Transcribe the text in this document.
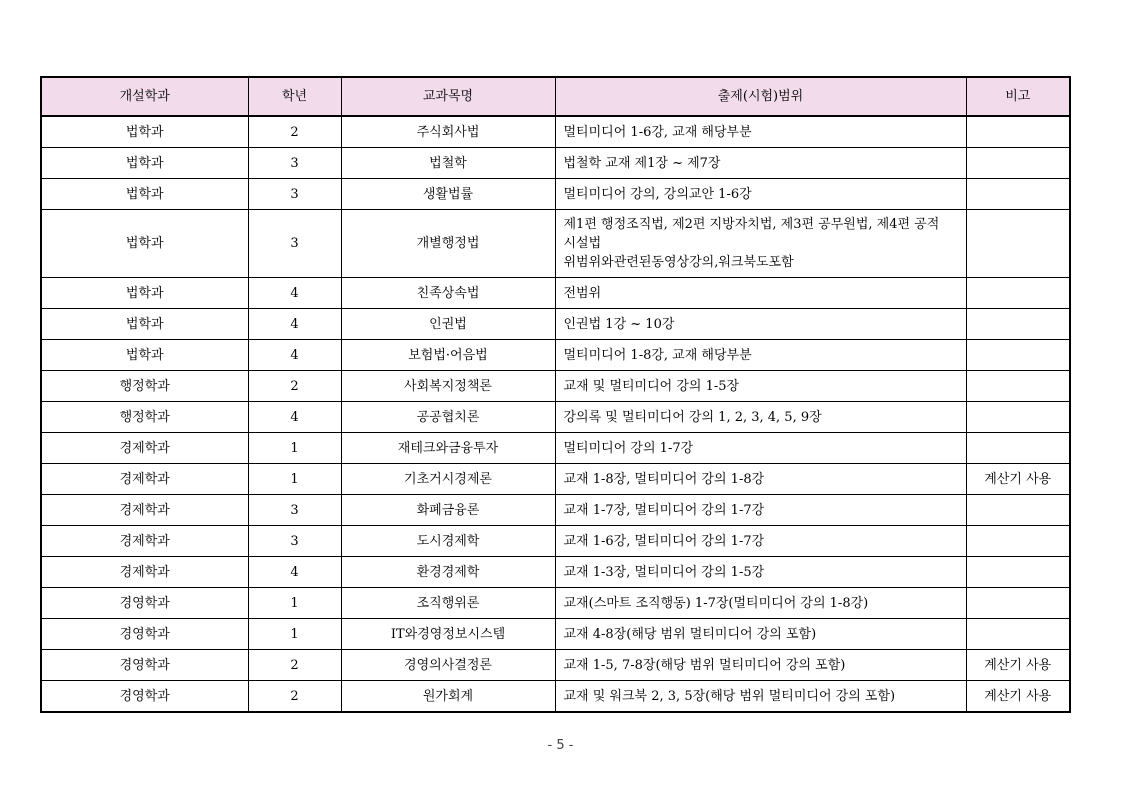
개설학과	학년	교과목명	출제(시험)범위	비고
법학과	2	주식회사법	멀티미디어 1-6강, 교재 해당부분	

법학과	3	법철학	법철학 교재 제1장 ~ 제7장	

법학과	3	생활법률	멀티미디어 강의, 강의교안 1-6강	

법학과	3	개별행정법	제1편 행정조직법, 제2편 지방자치법, 제3편 공무원법, 제4편 공적
시설법
위범위와관련된동영상강의,워크북도포함	

법학과	4	친족상속법	전범위	

법학과	4	인권법	인권법 1강 ~ 10강	

법학과	4	보험법·어음법	멀티미디어 1-8강, 교재 해당부분	

행정학과	2	사회복지정책론	교재 및 멀티미디어 강의 1-5장	

행정학과	4	공공협치론	강의록 및 멀티미디어 강의 1, 2, 3, 4, 5, 9장	

경제학과	1	재테크와금융투자	멀티미디어 강의 1-7강	

경제학과	1	기초거시경제론	교재 1-8장, 멀티미디어 강의 1-8강	계산기 사용
경제학과	3	화폐금융론	교재 1-7장, 멀티미디어 강의 1-7강	

경제학과	3	도시경제학	교재 1-6강, 멀티미디어 강의 1-7강	

경제학과	4	환경경제학	교재 1-3장, 멀티미디어 강의 1-5강	

경영학과	1	조직행위론	교재(스마트 조직행동) 1-7장(멀티미디어 강의 1-8강)	

경영학과	1	IT와경영정보시스템	교재 4-8장(해당 범위 멀티미디어 강의 포함)	

경영학과	2	경영의사결정론	교재 1-5, 7-8장(해당 범위 멀티미디어 강의 포함)	계산기 사용
경영학과	2	원가회계	교재 및 워크북 2, 3, 5장(해당 범위 멀티미디어 강의 포함)	계산기 사용
- 5 -
